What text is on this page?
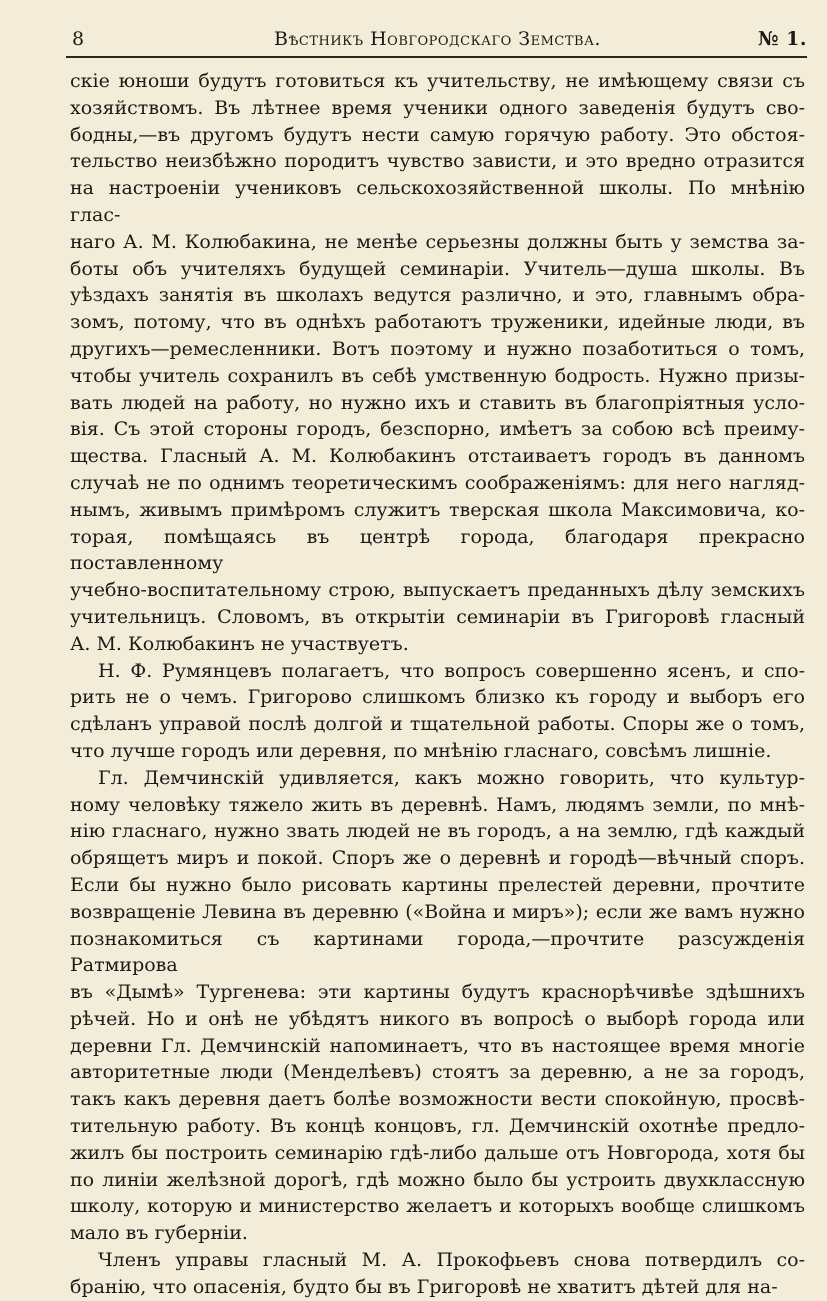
8	Вѣстникъ Новгородскаго Земства.	№ 1.
скіе юноши будутъ готовиться къ учительству, не имѣющему связи съ
хозяйствомъ. Въ лѣтнее время ученики одного заведенія будутъ сво-
бодны,—въ другомъ будутъ нести самую горячую работу. Это обстоя-
тельство неизбѣжно породитъ чувство зависти, и это вредно отразится
на настроеніи учениковъ сельскохозяйственной школы. По мнѣнію глас-
наго А. М. Колюбакина, не менѣе серьезны должны быть у земства за-
боты объ учителяхъ будущей семинаріи. Учитель—душа школы. Въ
уѣздахъ занятія въ школахъ ведутся различно, и это, главнымъ обра-
зомъ, потому, что въ однѣхъ работаютъ труженики, идейные люди, въ
другихъ—ремесленники. Вотъ поэтому и нужно позаботиться о томъ,
чтобы учитель сохранилъ въ себѣ умственную бодрость. Нужно призы-
вать людей на работу, но нужно ихъ и ставить въ благопріятныя усло-
вія. Съ этой стороны городъ, безспорно, имѣетъ за собою всѣ преиму-
щества. Гласный А. М. Колюбакинъ отстаиваетъ городъ въ данномъ
случаѣ не по однимъ теоретическимъ соображеніямъ: для него нагляд-
нымъ, живымъ примѣромъ служитъ тверская школа Максимовича, ко-
торая, помѣщаясь въ центрѣ города, благодаря прекрасно поставленному
учебно-воспитательному строю, выпускаетъ преданныхъ дѣлу земскихъ
учительницъ. Словомъ, въ открытіи семинаріи въ Григоровѣ гласный
А. М. Колюбакинъ не участвуетъ.
Н. Ф. Румянцевъ полагаетъ, что вопросъ совершенно ясенъ, и спо-
рить не о чемъ. Григорово слишкомъ близко къ городу и выборъ его
сдѣланъ управой послѣ долгой и тщательной работы. Споры же о томъ,
что лучше городъ или деревня, по мнѣнію гласнаго, совсѣмъ лишніе.
Гл. Демчинскій удивляется, какъ можно говорить, что культур-
ному человѣку тяжело жить въ деревнѣ. Намъ, людямъ земли, по мнѣ-
нію гласнаго, нужно звать людей не въ городъ, а на землю, гдѣ каждый
обрящетъ миръ и покой. Споръ же о деревнѣ и городѣ—вѣчный споръ.
Если бы нужно было рисовать картины прелестей деревни, прочтите
возвращеніе Левина въ деревню («Война и миръ»); если же вамъ нужно
познакомиться съ картинами города,—прочтите разсужденія Ратмирова
въ «Дымѣ» Тургенева: эти картины будутъ краснорѣчивѣе здѣшнихъ
рѣчей. Но и онѣ не убѣдятъ никого въ вопросѣ о выборѣ города или
деревни Гл. Демчинскій напоминаетъ, что въ настоящее время многіе
авторитетные люди (Менделѣевъ) стоятъ за деревню, а не за городъ,
такъ какъ деревня даетъ болѣе возможности вести спокойную, просвѣ-
тительную работу. Въ концѣ концовъ, гл. Демчинскій охотнѣе предло-
жилъ бы построить семинарію гдѣ-либо дальше отъ Новгорода, хотя бы
по линіи желѣзной дорогѣ, гдѣ можно было бы устроить двухклассную
школу, которую и министерство желаетъ и которыхъ вообще слишкомъ
мало въ губерніи.
Членъ управы гласный М. А. Прокофьевъ снова потвердилъ со-
бранію, что опасенія, будто бы въ Григоровѣ не хватитъ дѣтей для на-
